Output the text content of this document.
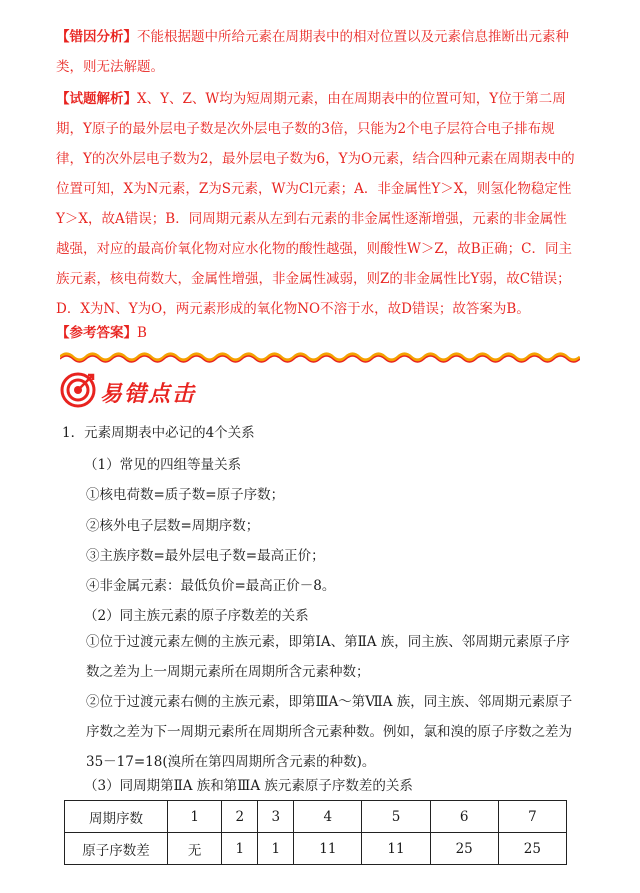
【错因分析】不能根据题中所给元素在周期表中的相对位置以及元素信息推断出元素种类，则无法解题。

【试题解析】X、Y、Z、W均为短周期元素，由在周期表中的位置可知，Y位于第二周期，Y原子的最外层电子数是次外层电子数的3倍，只能为2个电子层符合电子排布规律，Y的次外层电子数为2，最外层电子数为6，Y为O元素，结合四种元素在周期表中的位置可知，X为N元素，Z为S元素，W为Cl元素；A．非金属性Y＞X，则氢化物稳定性Y＞X，故A错误；B．同周期元素从左到右元素的非金属性逐渐增强，元素的非金属性越强，对应的最高价氧化物对应水化物的酸性越强，则酸性W＞Z，故B正确；C．同主族元素，核电荷数大，金属性增强，非金属性减弱，则Z的非金属性比Y弱，故C错误；D．X为N、Y为O，两元素形成的氧化物NO不溶于水，故D错误；故答案为B。

【参考答案】B

易错点击
1．元素周期表中必记的4个关系
（1）常见的四组等量关系
①核电荷数=质子数=原子序数；
②核外电子层数=周期序数；
③主族序数=最外层电子数=最高正价；
④非金属元素：最低负价=最高正价－8。
（2）同主族元素的原子序数差的关系
①位于过渡元素左侧的主族元素，即第ⅠA、第ⅡA 族，同主族、邻周期元素原子序数之差为上一周期元素所在周期所含元素种数；
②位于过渡元素右侧的主族元素，即第ⅢA～第ⅦA 族，同主族、邻周期元素原子序数之差为下一周期元素所在周期所含元素种数。例如，氯和溴的原子序数之差为 35－17=18(溴所在第四周期所含元素的种数)。
（3）同周期第ⅡA 族和第ⅢA 族元素原子序数差的关系
周期序数	1	2	3	4	5	6	7
原子序数差	无	1	1	11	11	25	25
